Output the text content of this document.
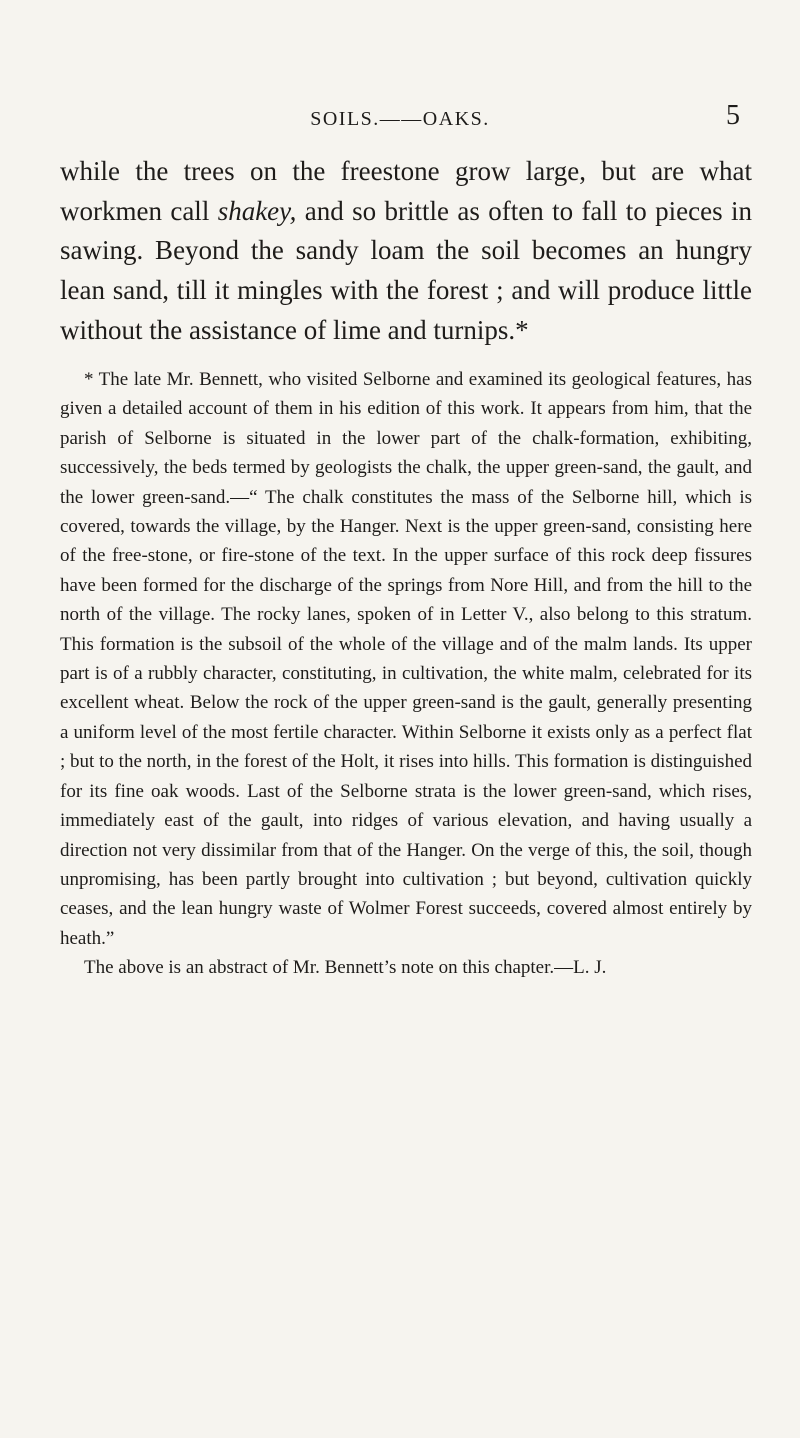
SOILS.——OAKS.	5

while the trees on the freestone grow large, but are what workmen call shakey, and so brittle as often to fall to pieces in sawing. Beyond the sandy loam the soil becomes an hungry lean sand, till it mingles with the forest ; and will produce little without the assistance of lime and turnips.*

* The late Mr. Bennett, who visited Selborne and examined its geological features, has given a detailed account of them in his edition of this work. It appears from him, that the parish of Selborne is situated in the lower part of the chalk-formation, exhibiting, successively, the beds termed by geologists the chalk, the upper green-sand, the gault, and the lower green-sand.—“ The chalk constitutes the mass of the Selborne hill, which is covered, towards the village, by the Hanger. Next is the upper green-sand, consisting here of the free-stone, or fire-stone of the text. In the upper surface of this rock deep fissures have been formed for the discharge of the springs from Nore Hill, and from the hill to the north of the village. The rocky lanes, spoken of in Letter V., also belong to this stratum. This formation is the subsoil of the whole of the village and of the malm lands. Its upper part is of a rubbly character, constituting, in cultivation, the white malm, celebrated for its excellent wheat. Below the rock of the upper green-sand is the gault, generally presenting a uniform level of the most fertile character. Within Selborne it exists only as a perfect flat ; but to the north, in the forest of the Holt, it rises into hills. This formation is distinguished for its fine oak woods. Last of the Selborne strata is the lower green-sand, which rises, immediately east of the gault, into ridges of various elevation, and having usually a direction not very dissimilar from that of the Hanger. On the verge of this, the soil, though unpromising, has been partly brought into cultivation ; but beyond, cultivation quickly ceases, and the lean hungry waste of Wolmer Forest succeeds, covered almost entirely by heath.”

The above is an abstract of Mr. Bennett’s note on this chapter.—L. J.
